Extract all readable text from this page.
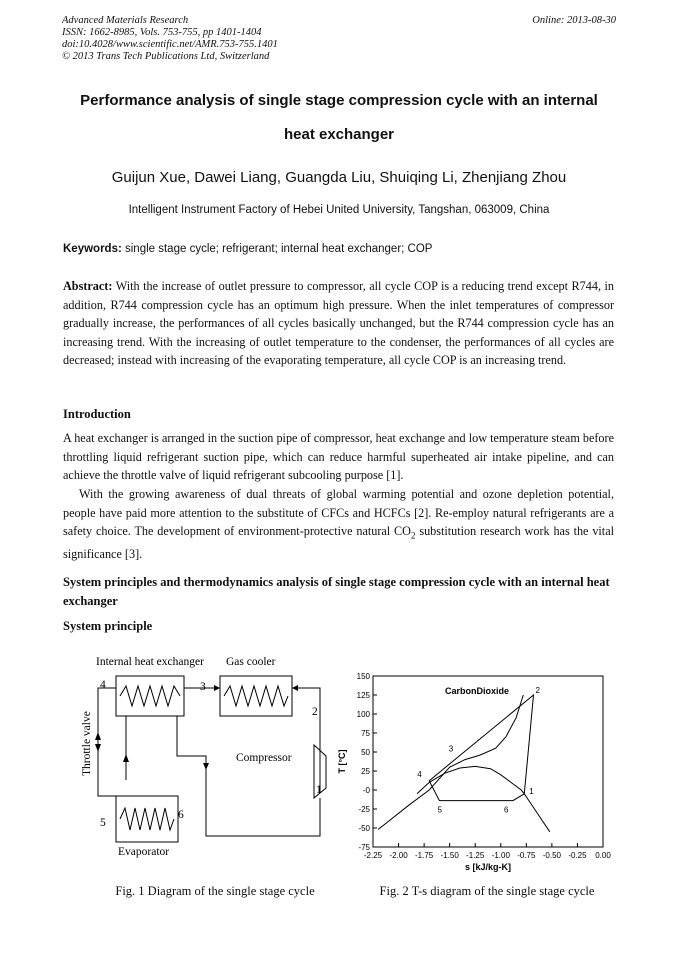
Advanced Materials Research
ISSN: 1662-8985, Vols. 753-755, pp 1401-1404
doi:10.4028/www.scientific.net/AMR.753-755.1401
© 2013 Trans Tech Publications Ltd, Switzerland
Online: 2013-08-30
Performance analysis of single stage compression cycle with an internal
heat exchanger
Guijun Xue, Dawei Liang, Guangda Liu, Shuiqing Li, Zhenjiang Zhou
Intelligent Instrument Factory of Hebei United University, Tangshan, 063009, China
Keywords: single stage cycle; refrigerant; internal heat exchanger; COP
Abstract: With the increase of outlet pressure to compressor, all cycle COP is a reducing trend except R744, in addition, R744 compression cycle has an optimum high pressure. When the inlet temperatures of compressor gradually increase, the performances of all cycles basically unchanged, but the R744 compression cycle has an increasing trend. With the increasing of outlet temperature to the condenser, the performances of all cycles are decreased; instead with increasing of the evaporating temperature, all cycle COP is an increasing trend.
Introduction
A heat exchanger is arranged in the suction pipe of compressor, heat exchange and low temperature steam before throttling liquid refrigerant suction pipe, which can reduce harmful superheated air intake pipeline, and can achieve the throttle valve of liquid refrigerant subcooling purpose [1].
With the growing awareness of dual threats of global warming potential and ozone depletion potential, people have paid more attention to the substitute of CFCs and HCFCs [2]. Re-employ natural refrigerants are a safety choice. The development of environment-protective natural $CO_2$ substitution research work has the vital significance [3].
System principles and thermodynamics analysis of single stage compression cycle with an internal heat exchanger
System principle
Internal heat exchanger Gas cooler
Compressor
Throttle valve
Evaporator
1
2
3
4
5
6
150
125
100
75
50
25
-0
-25
-50
-75
-2.25 -2.00 -1.75 -1.50 -1.25 -1.00 -0.75 -0.50 -0.25 0.00
1
2
3
4
5	6
CarbonDioxide
s [kJ/kg-K]
T [°C]
Fig. 1 Diagram of the single stage cycle	Fig. 2 T-s diagram of the single stage cycle
